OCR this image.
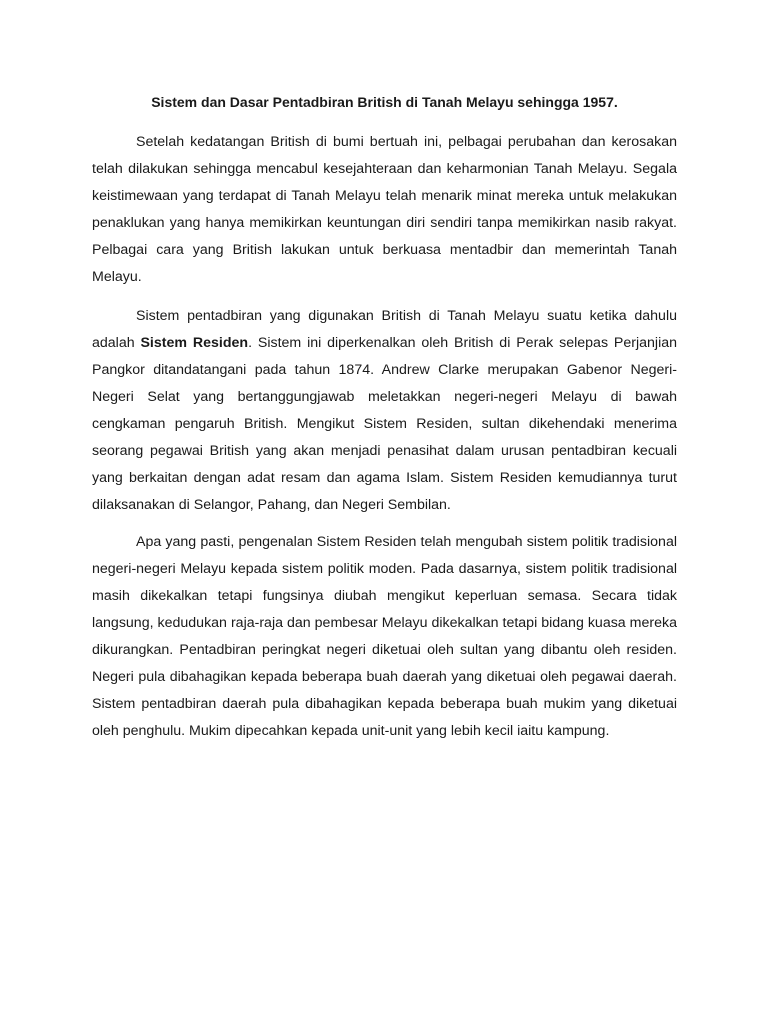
Sistem dan Dasar Pentadbiran British di Tanah Melayu sehingga 1957.

Setelah kedatangan British di bumi bertuah ini, pelbagai perubahan dan kerosakan telah dilakukan sehingga mencabul kesejahteraan dan keharmonian Tanah Melayu. Segala keistimewaan yang terdapat di Tanah Melayu telah menarik minat mereka untuk melakukan penaklukan yang hanya memikirkan keuntungan diri sendiri tanpa memikirkan nasib rakyat. Pelbagai cara yang British lakukan untuk berkuasa mentadbir dan memerintah Tanah Melayu.

Sistem pentadbiran yang digunakan British di Tanah Melayu suatu ketika dahulu adalah Sistem Residen. Sistem ini diperkenalkan oleh British di Perak selepas Perjanjian Pangkor ditandatangani pada tahun 1874. Andrew Clarke merupakan Gabenor Negeri-Negeri Selat yang bertanggungjawab meletakkan negeri-negeri Melayu di bawah cengkaman pengaruh British. Mengikut Sistem Residen, sultan dikehendaki menerima seorang pegawai British yang akan menjadi penasihat dalam urusan pentadbiran kecuali yang berkaitan dengan adat resam dan agama Islam. Sistem Residen kemudiannya turut dilaksanakan di Selangor, Pahang, dan Negeri Sembilan.

Apa yang pasti, pengenalan Sistem Residen telah mengubah sistem politik tradisional negeri-negeri Melayu kepada sistem politik moden. Pada dasarnya, sistem politik tradisional masih dikekalkan tetapi fungsinya diubah mengikut keperluan semasa. Secara tidak langsung, kedudukan raja-raja dan pembesar Melayu dikekalkan tetapi bidang kuasa mereka dikurangkan. Pentadbiran peringkat negeri diketuai oleh sultan yang dibantu oleh residen. Negeri pula dibahagikan kepada beberapa buah daerah yang diketuai oleh pegawai daerah. Sistem pentadbiran daerah pula dibahagikan kepada beberapa buah mukim yang diketuai oleh penghulu. Mukim dipecahkan kepada unit-unit yang lebih kecil iaitu kampung.
